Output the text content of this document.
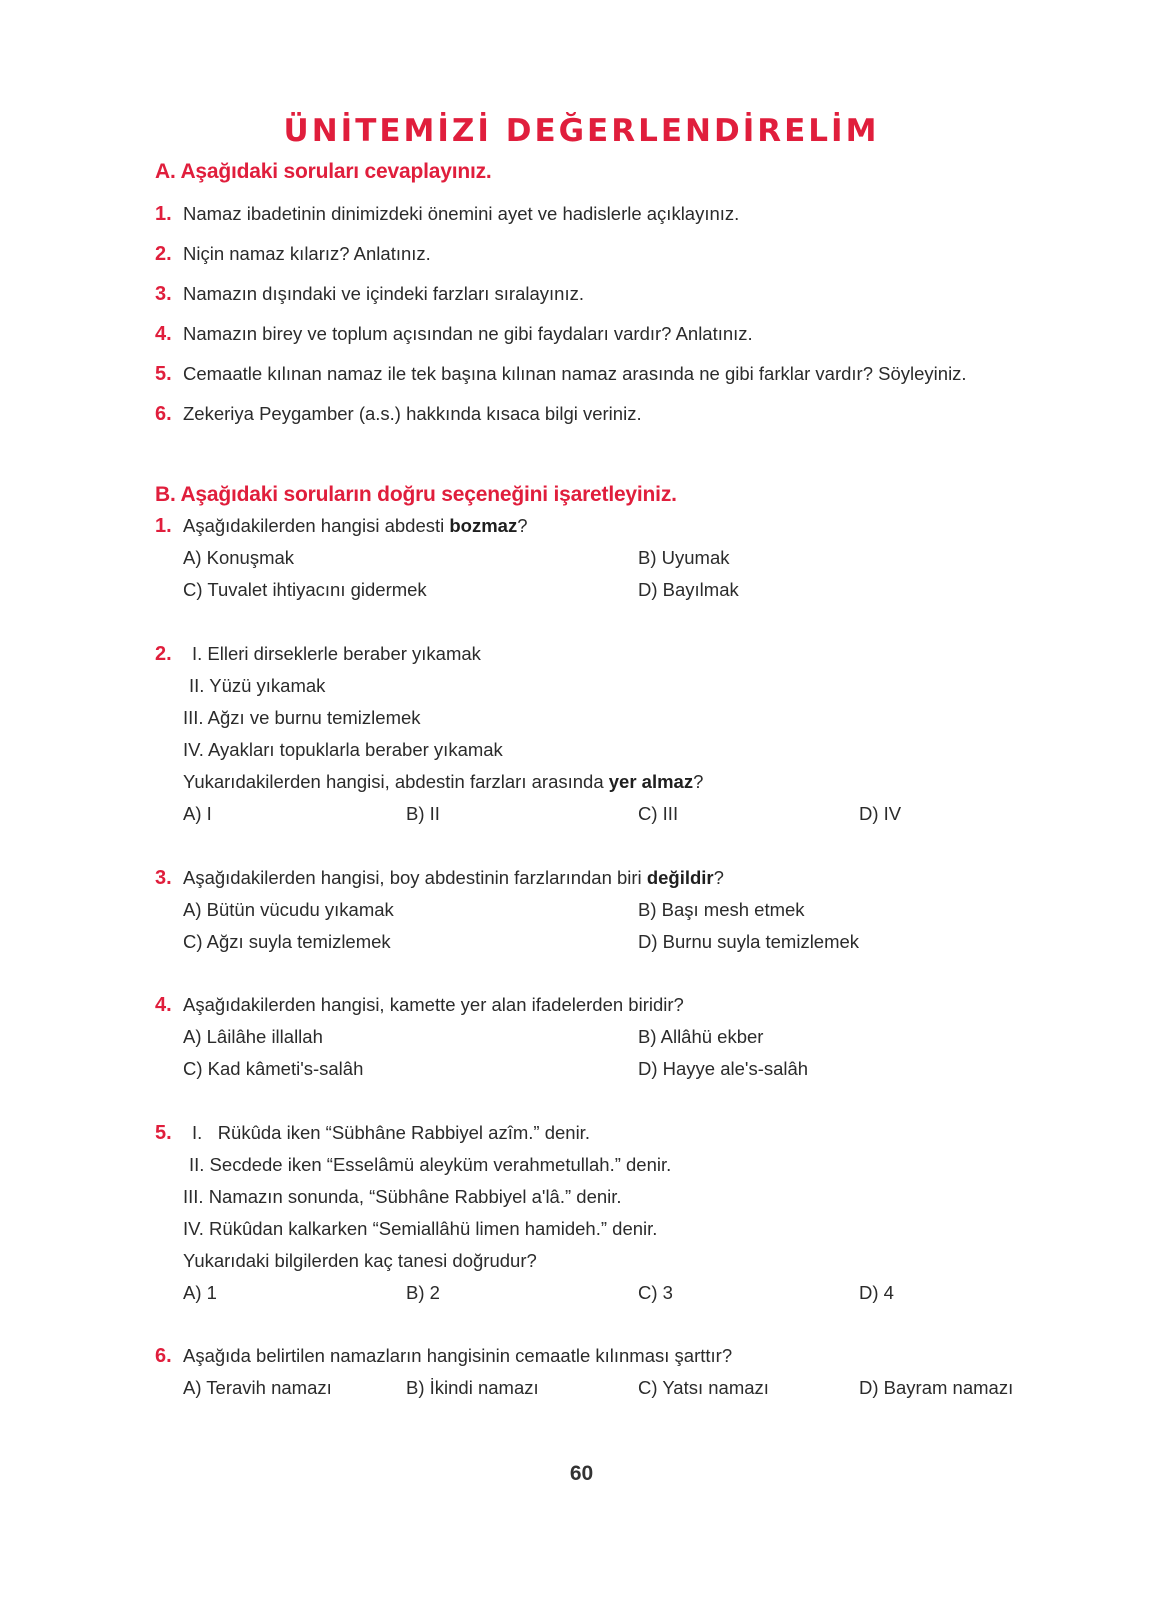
ÜNİTEMİZİ DEĞERLENDİRELİM
A. Aşağıdaki soruları cevaplayınız.
1. Namaz ibadetinin dinimizdeki önemini ayet ve hadislerle açıklayınız.
2. Niçin namaz kılarız? Anlatınız.
3. Namazın dışındaki ve içindeki farzları sıralayınız.
4. Namazın birey ve toplum açısından ne gibi faydaları vardır? Anlatınız.
5. Cemaatle kılınan namaz ile tek başına kılınan namaz arasında ne gibi farklar vardır? Söyleyiniz.
6. Zekeriya Peygamber (a.s.) hakkında kısaca bilgi veriniz.
B. Aşağıdaki soruların doğru seçeneğini işaretleyiniz.
1. Aşağıdakilerden hangisi abdesti bozmaz?
A) Konuşmak	B) Uyumak
C) Tuvalet ihtiyacını gidermek	D) Bayılmak
2. I. Elleri dirseklerle beraber yıkamak
II. Yüzü yıkamak
III. Ağzı ve burnu temizlemek
IV. Ayakları topuklarla beraber yıkamak
Yukarıdakilerden hangisi, abdestin farzları arasında yer almaz?
A) I	B) II	C) III	D) IV
3. Aşağıdakilerden hangisi, boy abdestinin farzlarından biri değildir?
A) Bütün vücudu yıkamak	B) Başı mesh etmek
C) Ağzı suyla temizlemek	D) Burnu suyla temizlemek
4. Aşağıdakilerden hangisi, kamette yer alan ifadelerden biridir?
A) Lâilâhe illallah	B) Allâhü ekber
C) Kad kâmeti's-salâh	D) Hayye ale's-salâh
5. I.   Rükûda iken “Sübhâne Rabbiyel azîm.” denir.
II. Secdede iken “Esselâmü aleyküm verahmetullah.” denir.
III. Namazın sonunda, “Sübhâne Rabbiyel a'lâ.” denir.
IV. Rükûdan kalkarken “Semiallâhü limen hamideh.” denir.
Yukarıdaki bilgilerden kaç tanesi doğrudur?
A) 1	B) 2	C) 3	D) 4
6. Aşağıda belirtilen namazların hangisinin cemaatle kılınması şarttır?
A) Teravih namazı	B) İkindi namazı	C) Yatsı namazı	D) Bayram namazı
60
